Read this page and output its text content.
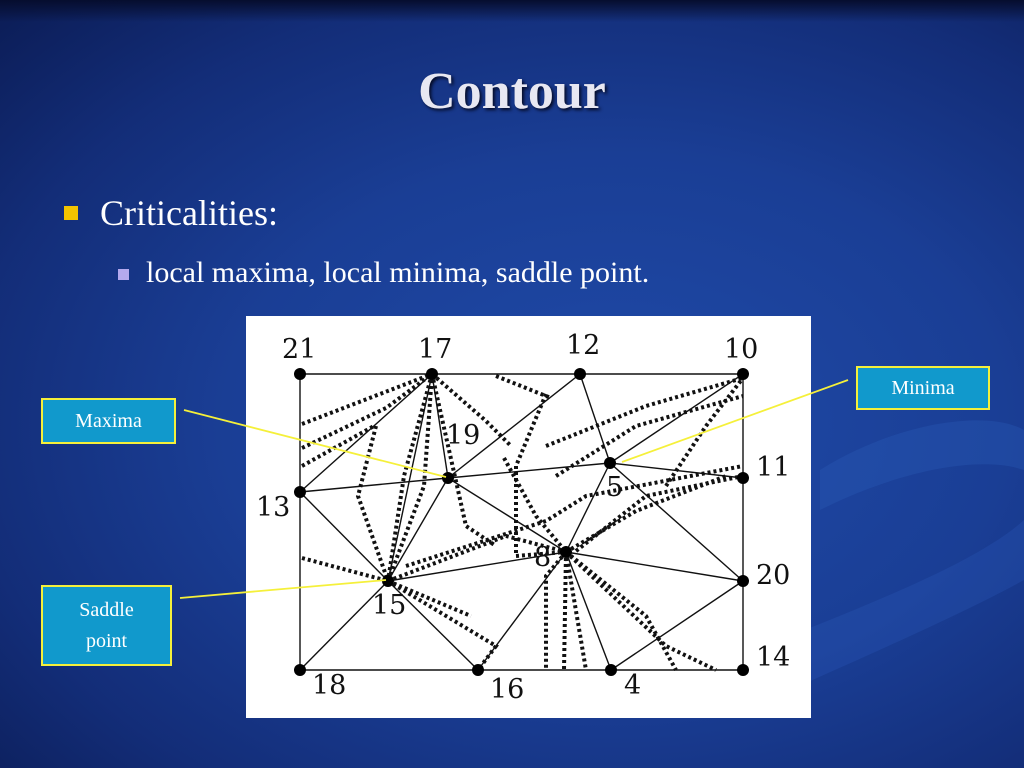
Contour
Criticalities:
local maxima, local minima, saddle point.
21	17	12	10
19
5
11
13
8
20
15
18	16	4
14
Maxima
Minima
Saddle
point
